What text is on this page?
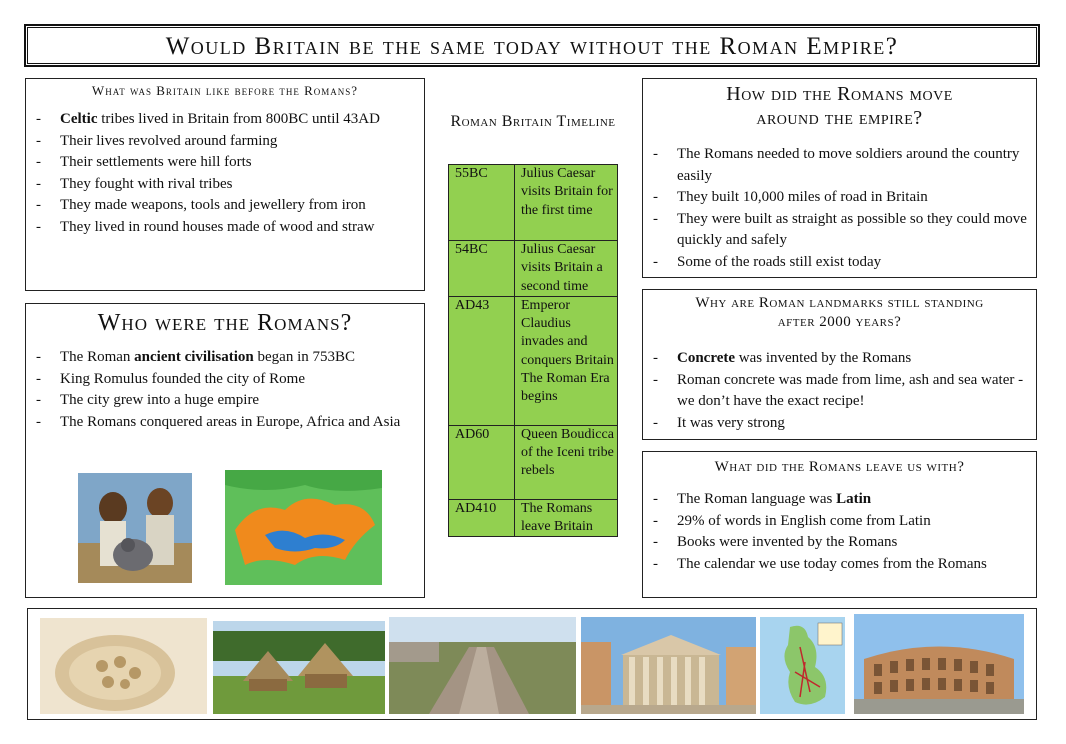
Would Britain be the same today without the Roman Empire?
What was Britain like before the Romans?
- Celtic tribes lived in Britain from 800BC until 43AD
- Their lives revolved around farming
- Their settlements were hill forts
- They fought with rival tribes
- They made weapons, tools and jewellery from iron
- They lived in round houses made of wood and straw
Who were the Romans?
- The Roman ancient civilisation began in 753BC
- King Romulus founded the city of Rome
- The city grew into a huge empire
- The Romans conquered areas in Europe, Africa and Asia
Roman Britain Timeline
55BC	Julius Caesar visits Britain for the first time
54BC	Julius Caesar visits Britain a second time
AD43	Emperor Claudius invades and conquers Britain The Roman Era begins
AD60	Queen Boudicca of the Iceni tribe rebels
AD410	The Romans leave Britain
How did the Romans move around the empire?
- The Romans needed to move soldiers around the country easily
- They built 10,000 miles of road in Britain
- They were built as straight as possible so they could move quickly and safely
- Some of the roads still exist today
Why are Roman landmarks still standing after 2000 years?
- Concrete was invented by the Romans
- Roman concrete was made from lime, ash and sea water - we don’t have the exact recipe!
- It was very strong
What did the Romans leave us with?
- The Roman language was Latin
- 29% of words in English come from Latin
- Books were invented by the Romans
- The calendar we use today comes from the Romans
